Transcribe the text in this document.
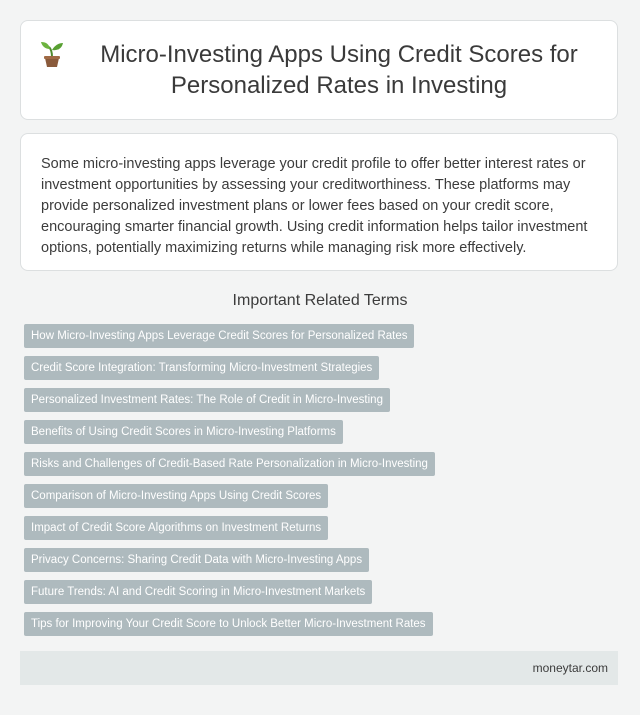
Micro-Investing Apps Using Credit Scores for Personalized Rates in Investing

Some micro-investing apps leverage your credit profile to offer better interest rates or investment opportunities by assessing your creditworthiness. These platforms may provide personalized investment plans or lower fees based on your credit score, encouraging smarter financial growth. Using credit information helps tailor investment options, potentially maximizing returns while managing risk more effectively.

Important Related Terms
How Micro-Investing Apps Leverage Credit Scores for Personalized Rates
Credit Score Integration: Transforming Micro-Investment Strategies
Personalized Investment Rates: The Role of Credit in Micro-Investing
Benefits of Using Credit Scores in Micro-Investing Platforms
Risks and Challenges of Credit-Based Rate Personalization in Micro-Investing
Comparison of Micro-Investing Apps Using Credit Scores
Impact of Credit Score Algorithms on Investment Returns
Privacy Concerns: Sharing Credit Data with Micro-Investing Apps
Future Trends: AI and Credit Scoring in Micro-Investment Markets
Tips for Improving Your Credit Score to Unlock Better Micro-Investment Rates
moneytar.com
